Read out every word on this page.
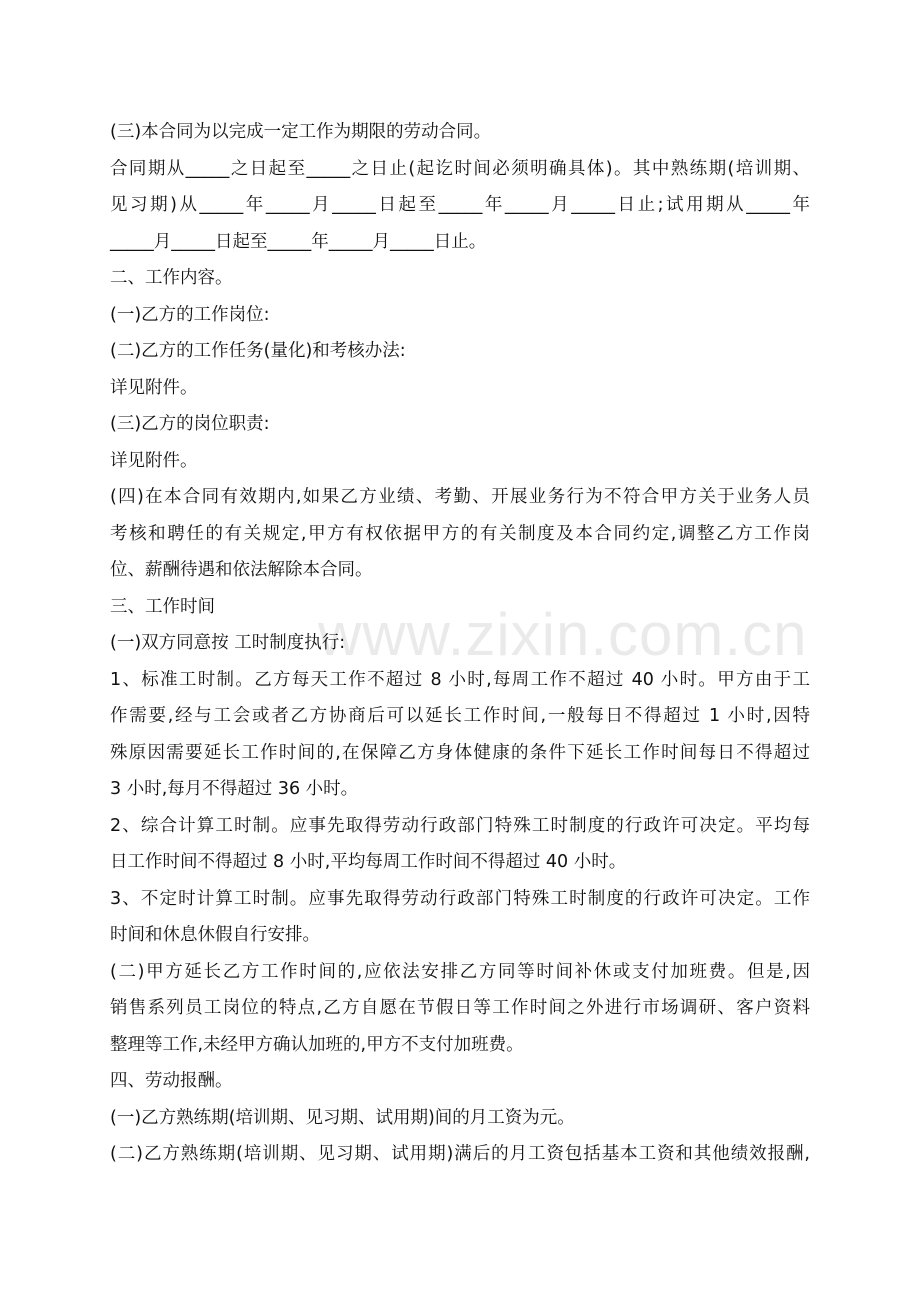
www.zixin.com.cn

(三)本合同为以完成一定工作为期限的劳动合同。

合同期从_____之日起至_____之日止(起讫时间必须明确具体)。其中熟练期(培训期、

见习期)从_____年_____月_____日起至_____年_____月_____日止;试用期从_____年

_____月_____日起至_____年_____月_____日止。

二、工作内容。

(一)乙方的工作岗位:

(二)乙方的工作任务(量化)和考核办法:

详见附件。

(三)乙方的岗位职责:

详见附件。

(四)在本合同有效期内,如果乙方业绩、考勤、开展业务行为不符合甲方关于业务人员

考核和聘任的有关规定,甲方有权依据甲方的有关制度及本合同约定,调整乙方工作岗

位、薪酬待遇和依法解除本合同。

三、工作时间

(一)双方同意按 工时制度执行:

1、标准工时制。乙方每天工作不超过 8 小时,每周工作不超过 40 小时。甲方由于工

作需要,经与工会或者乙方协商后可以延长工作时间,一般每日不得超过 1 小时,因特

殊原因需要延长工作时间的,在保障乙方身体健康的条件下延长工作时间每日不得超过

3 小时,每月不得超过 36 小时。

2、综合计算工时制。应事先取得劳动行政部门特殊工时制度的行政许可决定。平均每

日工作时间不得超过 8 小时,平均每周工作时间不得超过 40 小时。

3、不定时计算工时制。应事先取得劳动行政部门特殊工时制度的行政许可决定。工作

时间和休息休假自行安排。

(二)甲方延长乙方工作时间的,应依法安排乙方同等时间补休或支付加班费。但是,因

销售系列员工岗位的特点,乙方自愿在节假日等工作时间之外进行市场调研、客户资料

整理等工作,未经甲方确认加班的,甲方不支付加班费。

四、劳动报酬。

(一)乙方熟练期(培训期、见习期、试用期)间的月工资为元。

(二)乙方熟练期(培训期、见习期、试用期)满后的月工资包括基本工资和其他绩效报酬,
